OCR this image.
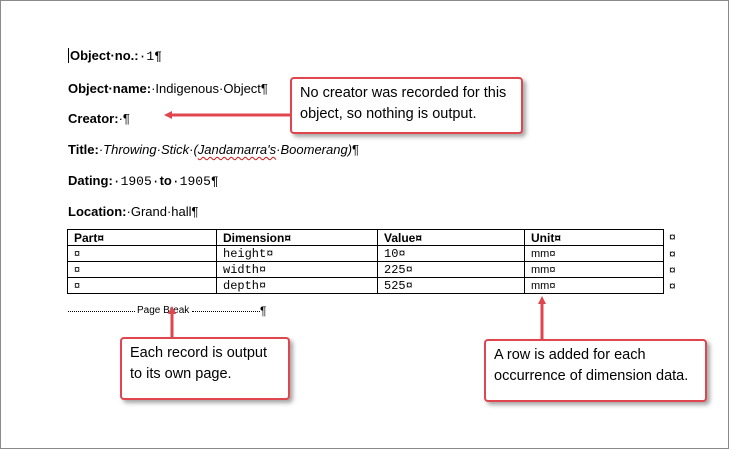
Object·no.:·1¶
Object·name:·Indigenous·Object¶
Creator:·¶
Title:·Throwing·Stick·(Jandamarra's·Boomerang)¶
Dating:·1905·to·1905¶
Location:·Grand·hall¶
Part¤	Dimension¤	Value¤	Unit¤
¤	height¤	10¤	mm¤
¤	width¤	225¤	mm¤
¤	depth¤	525¤	mm¤
¤
¤
¤
¤
Page Break	¶
No creator was recorded for this object, so nothing is output.
Each record is output to its own page.
A row is added for each occurrence of dimension data.
